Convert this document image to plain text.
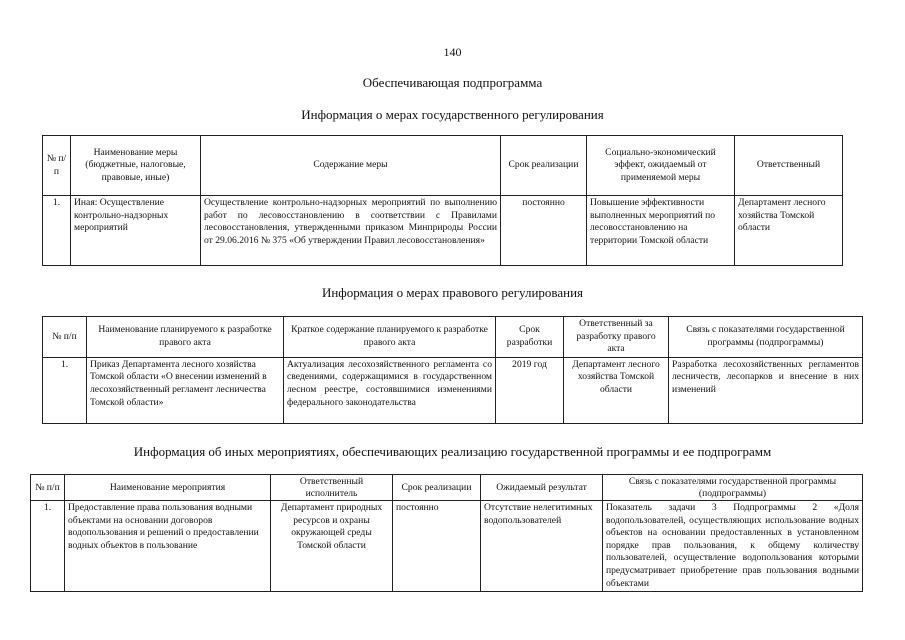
140
Обеспечивающая подпрограмма
Информация о мерах государственного регулирования
№ п/п	Наименование меры (бюджетные, налоговые, правовые, иные)	Содержание меры	Срок реализации	Социально-экономический эффект, ожидаемый от применяемой меры	Ответственный
1.	Иная: Осуществление контрольно-надзорных мероприятий	Осуществление контрольно-надзорных мероприятий по выполнению работ по лесовосстановлению в соответствии с Правилами лесовосстановления, утвержденными приказом Минприроды России от 29.06.2016 № 375 «Об утверждении Правил лесовосстановления»	постоянно	Повышение эффективности выполненных мероприятий по лесовосстановлению на территории Томской области	Департамент лесного хозяйства Томской области
Информация о мерах правового регулирования
№ п/п	Наименование планируемого к разработке правого акта	Краткое содержание планируемого к разработке правого акта	Срок разработки	Ответственный за разработку правого акта	Связь с показателями государственной программы (подпрограммы)
1.	Приказ Департамента лесного хозяйства Томской области «О внесении изменений в лесохозяйственный регламент лесничества Томской области»	Актуализация лесохозяйственного регламента со сведениями, содержащимися в государственном лесном реестре, состоявшимися изменениями федерального законодательства	2019 год	Департамент лесного хозяйства Томской области	Разработка лесохозяйственных регламентов лесничеств, лесопарков и внесение в них изменений
Информация об иных мероприятиях, обеспечивающих реализацию государственной программы и ее подпрограмм
№ п/п	Наименование мероприятия	Ответственный исполнитель	Срок реализации	Ожидаемый результат	Связь с показателями государственной программы (подпрограммы)
1.	Предоставление права пользования водными объектами на основании договоров водопользования и решений о предоставлении водных объектов в пользование	Департамент природных ресурсов и охраны окружающей среды Томской области	постоянно	Отсутствие нелегитимных водопользователей	Показатель задачи 3 Подпрограммы 2 «Доля водопользователей, осуществляющих использование водных объектов на основании предоставленных в установленном порядке прав пользования, к общему количеству пользователей, осуществление водопользования которыми предусматривает приобретение прав пользования водными объектами
